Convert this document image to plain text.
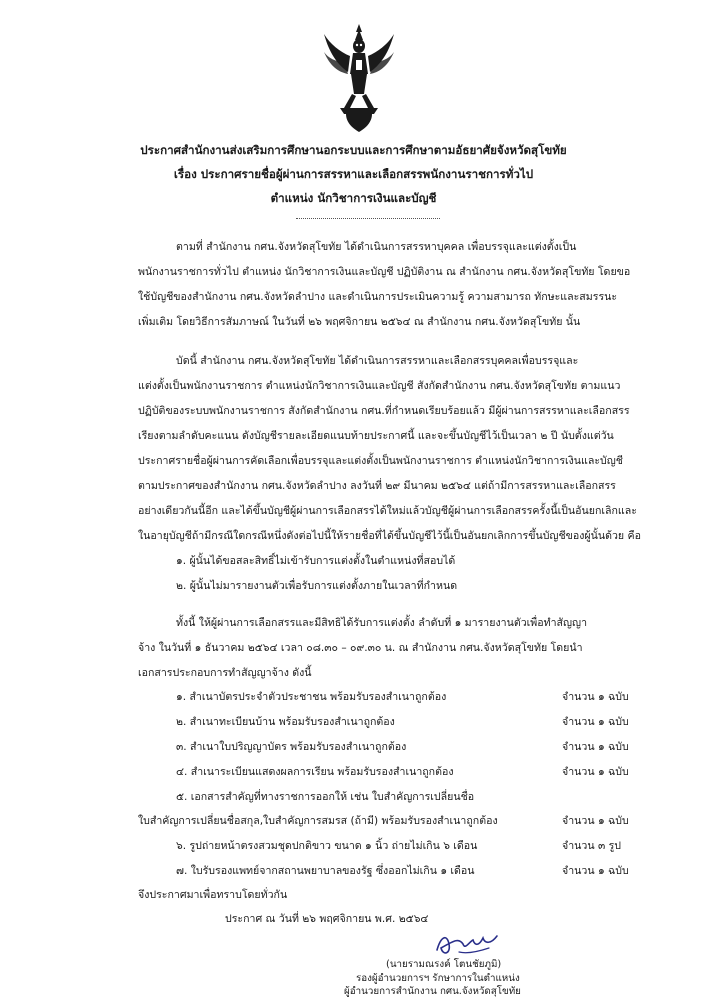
ประกาศสำนักงานส่งเสริมการศึกษานอกระบบและการศึกษาตามอัธยาศัยจังหวัดสุโขทัย
เรื่อง ประกาศรายชื่อผู้ผ่านการสรรหาและเลือกสรรพนักงานราชการทั่วไป
ตำแหน่ง นักวิชาการเงินและบัญชี
ตามที่ สำนักงาน กศน.จังหวัดสุโขทัย ได้ดำเนินการสรรหาบุคคล เพื่อบรรจุและแต่งตั้งเป็น
พนักงานราชการทั่วไป ตำแหน่ง นักวิชาการเงินและบัญชี ปฏิบัติงาน ณ สำนักงาน กศน.จังหวัดสุโขทัย โดยขอ
ใช้บัญชีของสำนักงาน กศน.จังหวัดลำปาง และดำเนินการประเมินความรู้ ความสามารถ ทักษะและสมรรนะ
เพิ่มเติม โดยวิธีการสัมภาษณ์ ในวันที่ ๒๖ พฤศจิกายน ๒๕๖๔ ณ สำนักงาน กศน.จังหวัดสุโขทัย นั้น
บัดนี้ สำนักงาน กศน.จังหวัดสุโขทัย ได้ดำเนินการสรรหาและเลือกสรรบุคคลเพื่อบรรจุและ
แต่งตั้งเป็นพนักงานราชการ ตำแหน่งนักวิชาการเงินและบัญชี สังกัดสำนักงาน กศน.จังหวัดสุโขทัย ตามแนว
ปฏิบัติของระบบพนักงานราชการ สังกัดสำนักงาน กศน.ที่กำหนดเรียบร้อยแล้ว มีผู้ผ่านการสรรหาและเลือกสรร
เรียงตามลำดับคะแนน ดังบัญชีรายละเอียดแนบท้ายประกาศนี้ และจะขึ้นบัญชีไว้เป็นเวลา ๒ ปี นับตั้งแต่วัน
ประกาศรายชื่อผู้ผ่านการคัดเลือกเพื่อบรรจุและแต่งตั้งเป็นพนักงานราชการ ตำแหน่งนักวิชาการเงินและบัญชี
ตามประกาศของสำนักงาน กศน.จังหวัดลำปาง ลงวันที่ ๒๙ มีนาคม ๒๕๖๔ แต่ถ้ามีการสรรหาและเลือกสรร
อย่างเดียวกันนี้อีก และได้ขึ้นบัญชีผู้ผ่านการเลือกสรรได้ใหม่แล้วบัญชีผู้ผ่านการเลือกสรรครั้งนี้เป็นอันยกเลิกและ
ในอายุบัญชีถ้ามีกรณีใดกรณีหนึ่งดังต่อไปนี้ให้รายชื่อที่ได้ขึ้นบัญชีไว้นี้เป็นอันยกเลิกการขึ้นบัญชีของผู้นั้นด้วย คือ
๑. ผู้นั้นได้ขอสละสิทธิ์ไม่เข้ารับการแต่งตั้งในตำแหน่งที่สอบได้
๒. ผู้นั้นไม่มารายงานตัวเพื่อรับการแต่งตั้งภายในเวลาที่กำหนด
ทั้งนี้ ให้ผู้ผ่านการเลือกสรรและมีสิทธิได้รับการแต่งตั้ง ลำดับที่ ๑ มารายงานตัวเพื่อทำสัญญา
จ้าง ในวันที่ ๑ ธันวาคม ๒๕๖๔ เวลา ๐๘.๓๐ – ๐๙.๓๐ น. ณ สำนักงาน กศน.จังหวัดสุโขทัย โดยนำ
เอกสารประกอบการทำสัญญาจ้าง ดังนี้
๑. สำเนาบัตรประจำตัวประชาชน พร้อมรับรองสำเนาถูกต้อง	จำนวน ๑ ฉบับ
๒. สำเนาทะเบียนบ้าน พร้อมรับรองสำเนาถูกต้อง	จำนวน ๑ ฉบับ
๓. สำเนาใบปริญญาบัตร พร้อมรับรองสำเนาถูกต้อง	จำนวน ๑ ฉบับ
๔. สำเนาระเบียนแสดงผลการเรียน พร้อมรับรองสำเนาถูกต้อง	จำนวน ๑ ฉบับ
๕. เอกสารสำคัญที่ทางราชการออกให้ เช่น ใบสำคัญการเปลี่ยนชื่อ
ใบสำคัญการเปลี่ยนชื่อสกุล,ใบสำคัญการสมรส (ถ้ามี) พร้อมรับรองสำเนาถูกต้อง	จำนวน ๑ ฉบับ
๖. รูปถ่ายหน้าตรงสวมชุดปกติขาว ขนาด ๑ นิ้ว ถ่ายไม่เกิน ๖ เดือน	จำนวน ๓ รูป
๗. ใบรับรองแพทย์จากสถานพยาบาลของรัฐ ซึ่งออกไม่เกิน ๑ เดือน	จำนวน ๑ ฉบับ
จึงประกาศมาเพื่อทราบโดยทั่วกัน
ประกาศ ณ วันที่ ๒๖ พฤศจิกายน พ.ศ. ๒๕๖๔
(นายรามณรงค์ โตนชัยภูมิ)
รองผู้อำนวยการฯ รักษาการในตำแหน่ง
ผู้อำนวยการสำนักงาน กศน.จังหวัดสุโขทัย
